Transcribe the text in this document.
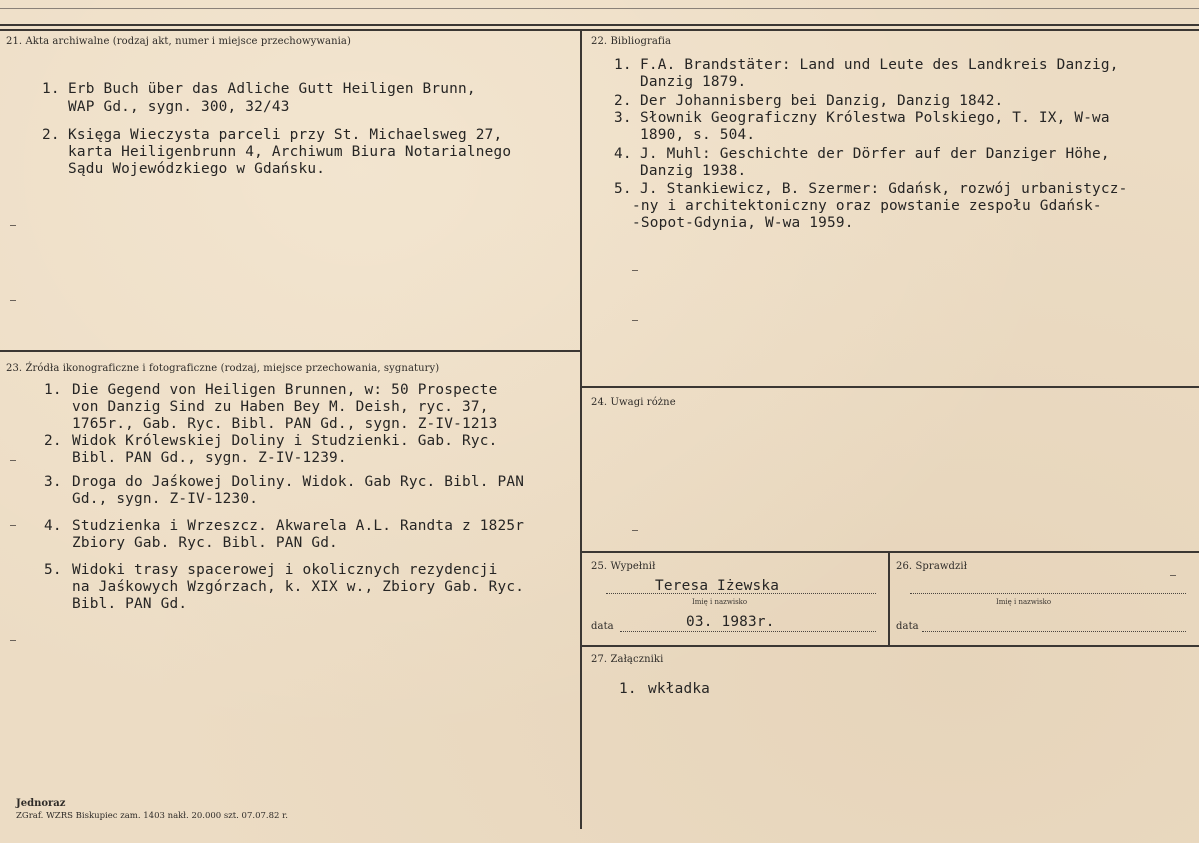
21. Akta archiwalne (rodzaj akt, numer i miejsce przechowywania)
1. Erb Buch über das Adliche Gutt Heiligen Brunn,
WAP Gd., sygn. 300, 32/43
2. Księga Wieczysta parceli przy St. Michaelsweg 27,
karta Heiligenbrunn 4, Archiwum Biura Notarialnego
Sądu Wojewódzkiego w Gdańsku.
22. Bibliografia
1. F.A. Brandstäter: Land und Leute des Landkreis Danzig,
Danzig 1879.
2. Der Johannisberg bei Danzig, Danzig 1842.
3. Słownik Geograficzny Królestwa Polskiego, T. IX, W-wa
1890, s. 504.
4. J. Muhl: Geschichte der Dörfer auf der Danziger Höhe,
Danzig 1938.
5. J. Stankiewicz, B. Szermer: Gdańsk, rozwój urbanistycz-
-ny i architektoniczny oraz powstanie zespołu Gdańsk-
-Sopot-Gdynia, W-wa 1959.
23. Źródła ikonograficzne i fotograficzne (rodzaj, miejsce przechowania, sygnatury)
1. Die Gegend von Heiligen Brunnen, w: 50 Prospecte
von Danzig Sind zu Haben Bey M. Deish, ryc. 37,
1765r., Gab. Ryc. Bibl. PAN Gd., sygn. Z-IV-1213
2. Widok Królewskiej Doliny i Studzienki. Gab. Ryc.
Bibl. PAN Gd., sygn. Z-IV-1239.
3. Droga do Jaśkowej Doliny. Widok. Gab Ryc. Bibl. PAN
Gd., sygn. Z-IV-1230.
4. Studzienka i Wrzeszcz. Akwarela A.L. Randta z 1825r
Zbiory Gab. Ryc. Bibl. PAN Gd.
5. Widoki trasy spacerowej i okolicznych rezydencji
na Jaśkowych Wzgórzach, k. XIX w., Zbiory Gab. Ryc.
Bibl. PAN Gd.
24. Uwagi różne
25. Wypełnił
Teresa Iżewska
Imię i nazwisko
data	03. 1983r.
26. Sprawdził
Imię i nazwisko
data
27. Załączniki
1. wkładka
Jednoraz
ZGraf. WZRS Biskupiec zam. 1403 nakł. 20.000 szt. 07.07.82 r.
